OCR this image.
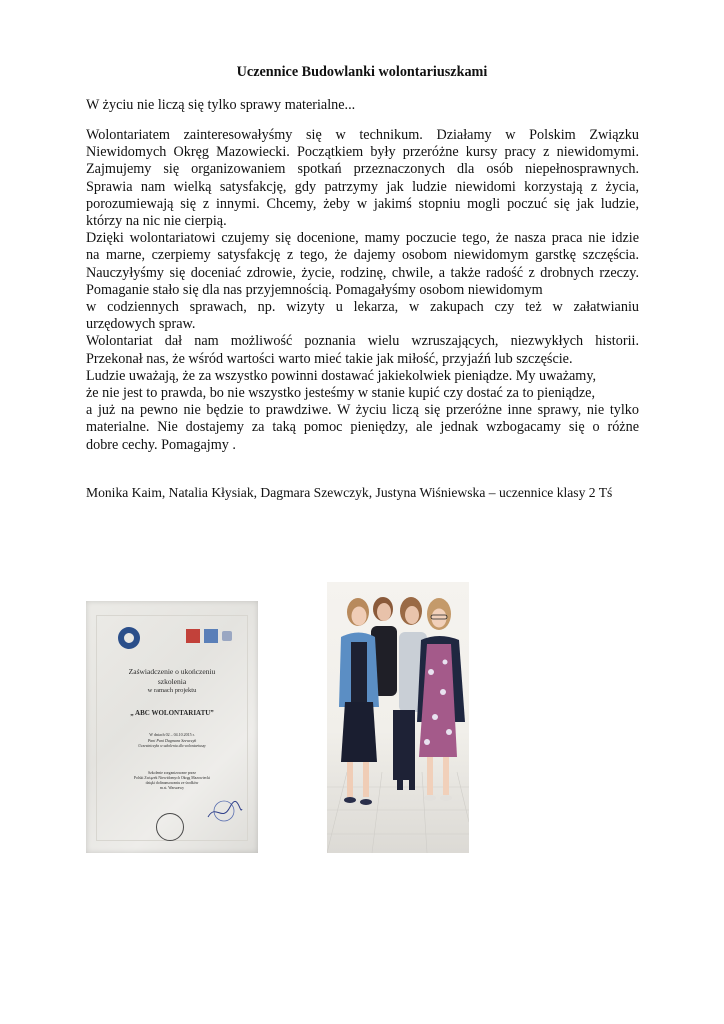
Uczennice Budowlanki wolontariuszkami
W życiu nie liczą się tylko sprawy materialne...
Wolontariatem zainteresowałyśmy się w technikum. Działamy w Polskim Związku
Niewidomych Okręg Mazowiecki. Początkiem były przeróżne kursy pracy z niewidomymi.
Zajmujemy się organizowaniem spotkań przeznaczonych dla osób niepełnosprawnych.
Sprawia nam wielką satysfakcję, gdy patrzymy jak ludzie niewidomi korzystają z życia,
porozumiewają się z innymi. Chcemy, żeby w jakimś stopniu mogli poczuć się jak ludzie,
którzy na nic nie cierpią.
Dzięki wolontariatowi czujemy się docenione, mamy poczucie tego, że nasza praca nie idzie
na marne, czerpiemy satysfakcję z tego, że dajemy osobom niewidomym garstkę szczęścia.
Nauczyłyśmy się doceniać zdrowie, życie, rodzinę, chwile, a także radość z drobnych rzeczy.
Pomaganie stało się dla nas przyjemnością. Pomagałyśmy osobom niewidomym
w codziennych sprawach, np. wizyty u lekarza, w zakupach czy też w załatwianiu
urzędowych spraw.
Wolontariat dał nam możliwość poznania wielu wzruszających, niezwykłych historii.
Przekonał nas, że wśród wartości warto mieć takie jak miłość, przyjaźń lub szczęście.
Ludzie uważają, że za wszystko powinni dostawać jakiekolwiek pieniądze. My uważamy,
że nie jest to prawda, bo nie wszystko jesteśmy w stanie kupić czy dostać za to pieniądze,
a już na pewno nie będzie to prawdziwe. W życiu liczą się przeróżne inne sprawy, nie tylko
materialne. Nie dostajemy za taką pomoc pieniędzy, ale jednak wzbogacamy się o różne
dobre cechy. Pomagajmy .
Monika Kaim, Natalia Kłysiak, Dagmara Szewczyk, Justyna Wiśniewska – uczennice klasy 2 Tś
Zaświadczenie o ukończeniu
szkolenia
w ramach projektu
„ ABC WOLONTARIATU”
W dniach 02 – 04.10.2015 r.
Pani Pani Dagmara Szewczyk
Uczestniczyła w szkoleniu dla wolontariuszy
Szkolenie zorganizowane przez
Polski Związek Niewidomych Okręg Mazowiecki
dzięki dofinansowaniu ze środków
m.st. Warszawy
